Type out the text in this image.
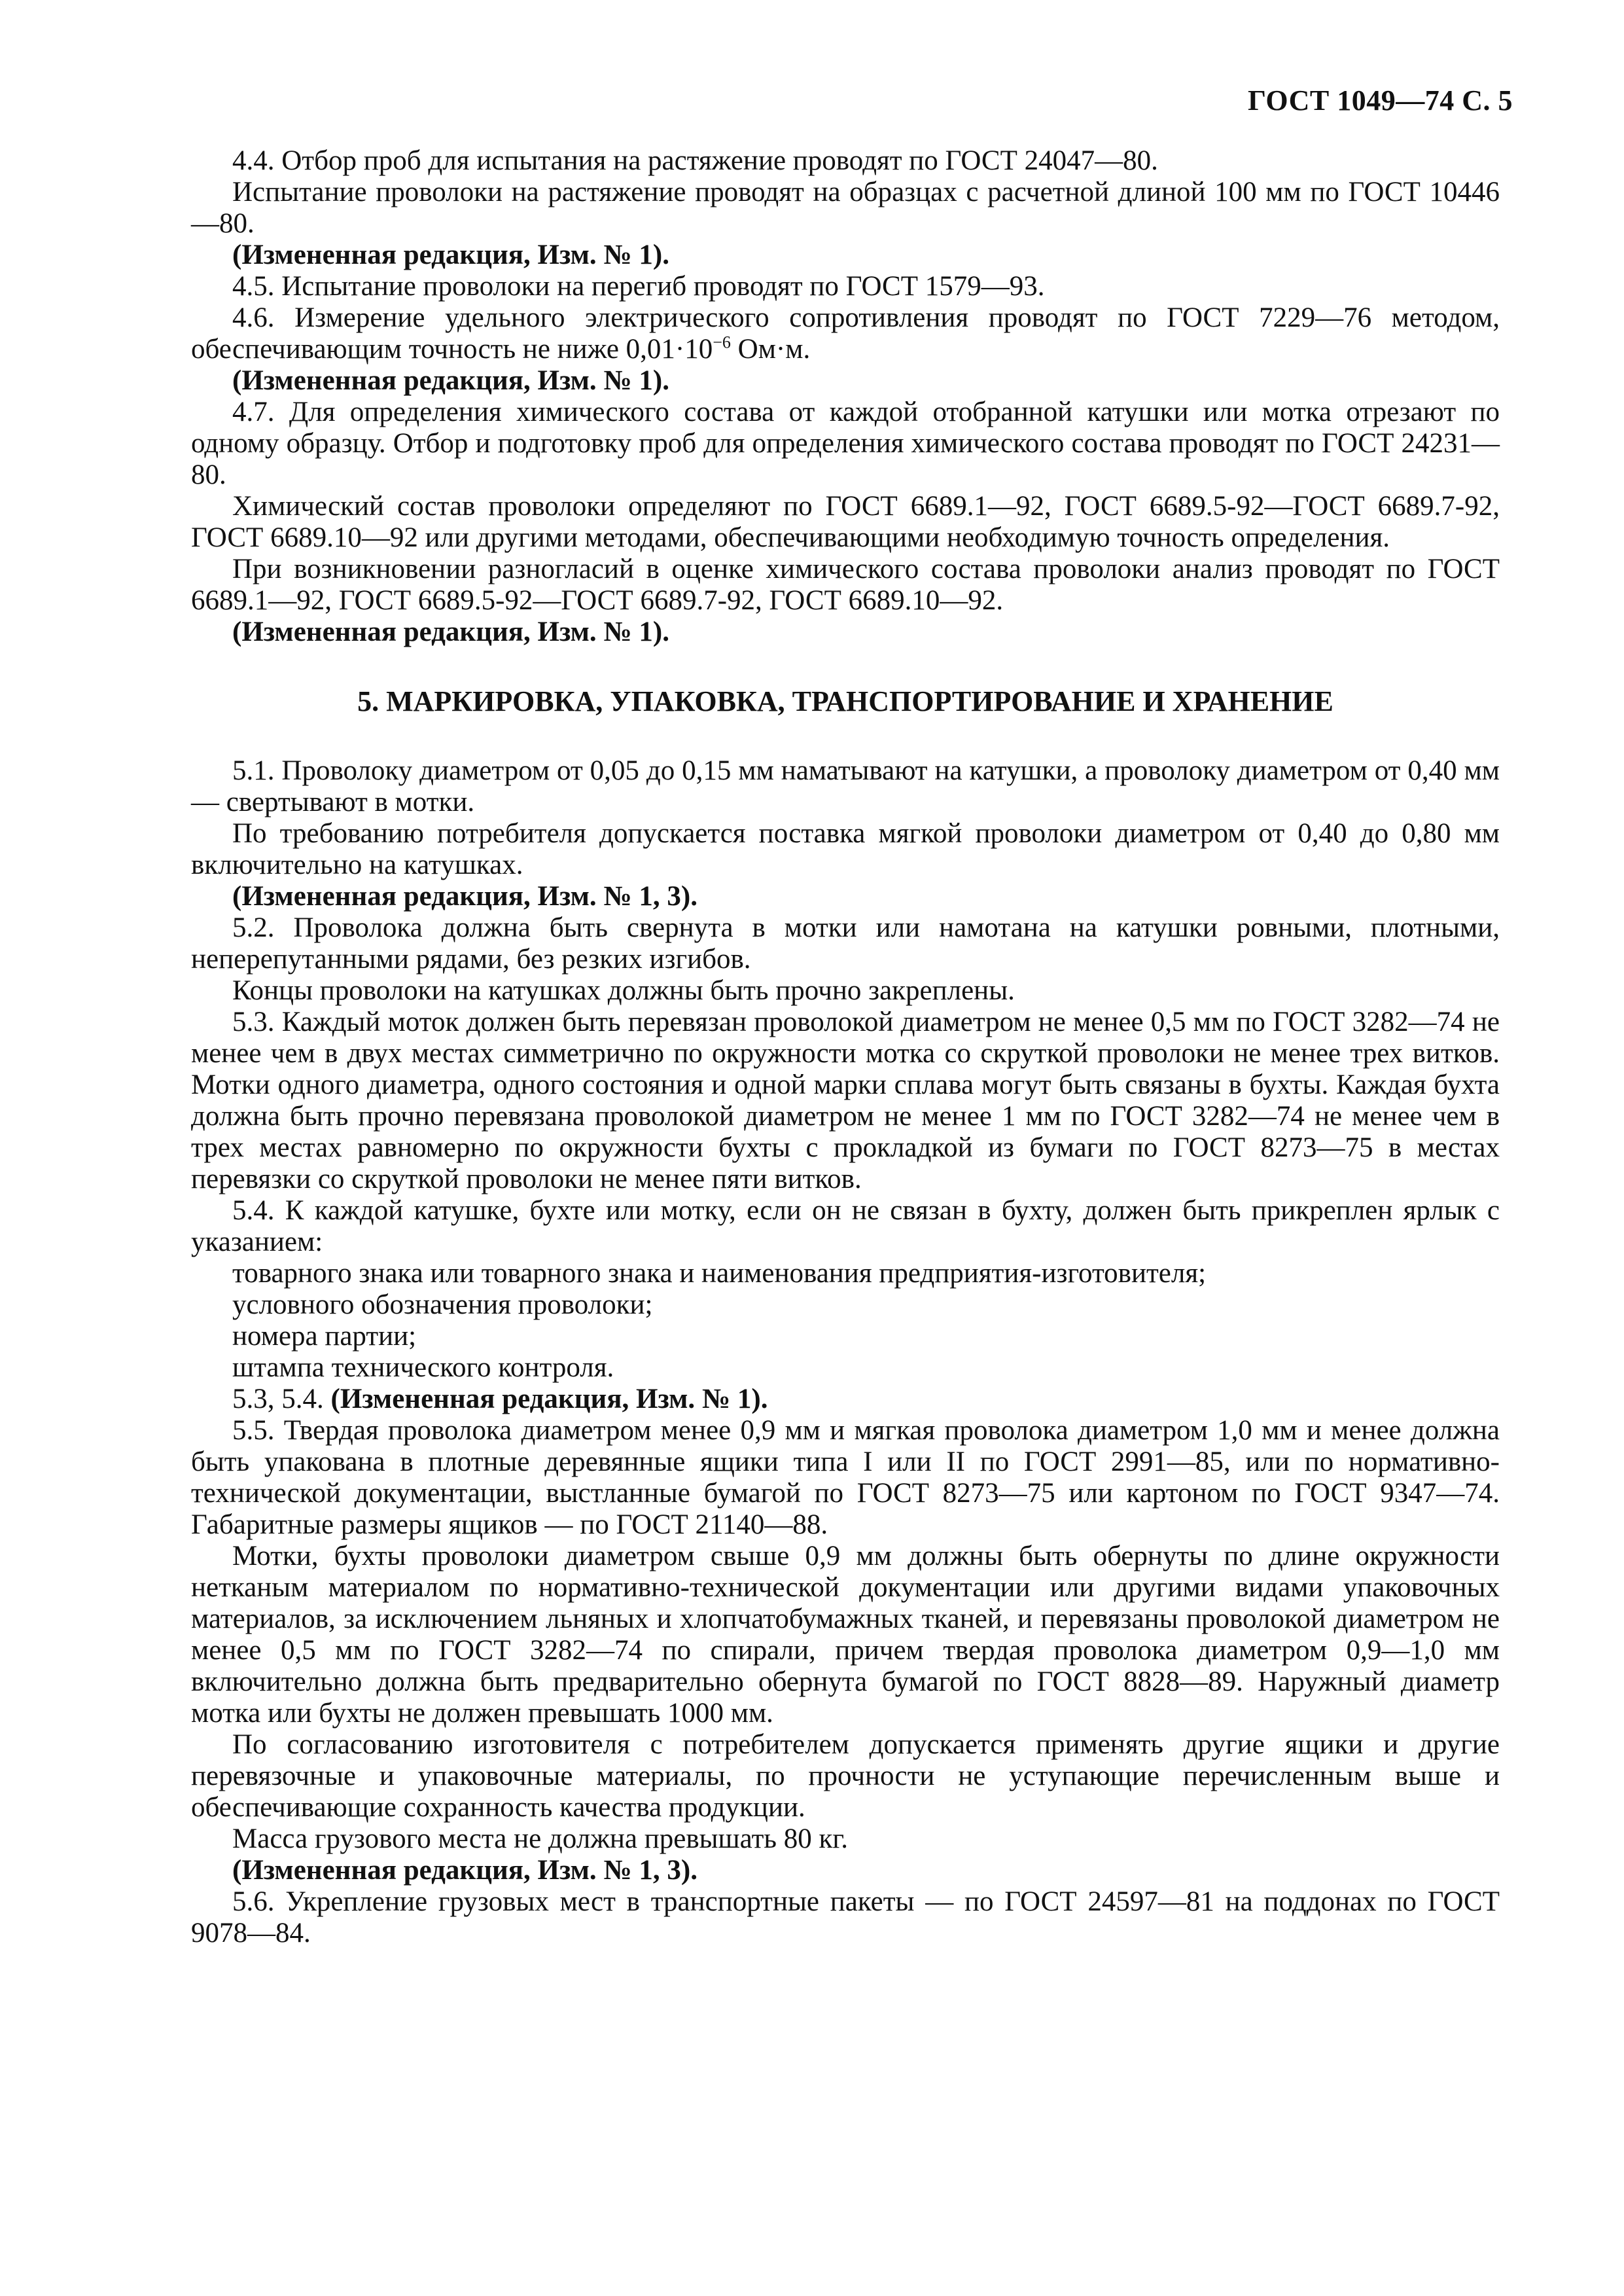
ГОСТ 1049—74 С. 5

4.4. Отбор проб для испытания на растяжение проводят по ГОСТ 24047—80.

Испытание проволоки на растяжение проводят на образцах с расчетной длиной 100 мм по ГОСТ 10446—80.

(Измененная редакция, Изм. № 1).

4.5. Испытание проволоки на перегиб проводят по ГОСТ 1579—93.

4.6. Измерение удельного электрического сопротивления проводят по ГОСТ 7229—76 методом, обеспечивающим точность не ниже $0,01\cdot 10^{-6}$ Ом·м.

(Измененная редакция, Изм. № 1).

4.7. Для определения химического состава от каждой отобранной катушки или мотка отрезают по одному образцу. Отбор и подготовку проб для определения химического состава проводят по ГОСТ 24231—80.

Химический состав проволоки определяют по ГОСТ 6689.1—92, ГОСТ 6689.5-92—ГОСТ 6689.7-92, ГОСТ 6689.10—92 или другими методами, обеспечивающими необходимую точность определения.

При возникновении разногласий в оценке химического состава проволоки анализ проводят по ГОСТ 6689.1—92, ГОСТ 6689.5-92—ГОСТ 6689.7-92, ГОСТ 6689.10—92.

(Измененная редакция, Изм. № 1).

5. МАРКИРОВКА, УПАКОВКА, ТРАНСПОРТИРОВАНИЕ И ХРАНЕНИЕ

5.1. Проволоку диаметром от 0,05 до 0,15 мм наматывают на катушки, а проволоку диаметром от 0,40 мм — свертывают в мотки.

По требованию потребителя допускается поставка мягкой проволоки диаметром от 0,40 до 0,80 мм включительно на катушках.

(Измененная редакция, Изм. № 1, 3).

5.2. Проволока должна быть свернута в мотки или намотана на катушки ровными, плотными, неперепутанными рядами, без резких изгибов.

Концы проволоки на катушках должны быть прочно закреплены.

5.3. Каждый моток должен быть перевязан проволокой диаметром не менее 0,5 мм по ГОСТ 3282—74 не менее чем в двух местах симметрично по окружности мотка со скруткой проволоки не менее трех витков. Мотки одного диаметра, одного состояния и одной марки сплава могут быть связаны в бухты. Каждая бухта должна быть прочно перевязана проволокой диаметром не менее 1 мм по ГОСТ 3282—74 не менее чем в трех местах равномерно по окружности бухты с прокладкой из бумаги по ГОСТ 8273—75 в местах перевязки со скруткой проволоки не менее пяти витков.

5.4. К каждой катушке, бухте или мотку, если он не связан в бухту, должен быть прикреплен ярлык с указанием:

товарного знака или товарного знака и наименования предприятия-изготовителя;

условного обозначения проволоки;

номера партии;

штампа технического контроля.

5.3, 5.4. (Измененная редакция, Изм. № 1).

5.5. Твердая проволока диаметром менее 0,9 мм и мягкая проволока диаметром 1,0 мм и менее должна быть упакована в плотные деревянные ящики типа I или II по ГОСТ 2991—85, или по нормативно-технической документации, выстланные бумагой по ГОСТ 8273—75 или картоном по ГОСТ 9347—74. Габаритные размеры ящиков — по ГОСТ 21140—88.

Мотки, бухты проволоки диаметром свыше 0,9 мм должны быть обернуты по длине окружности нетканым материалом по нормативно-технической документации или другими видами упаковочных материалов, за исключением льняных и хлопчатобумажных тканей, и перевязаны проволокой диаметром не менее 0,5 мм по ГОСТ 3282—74 по спирали, причем твердая проволока диаметром 0,9—1,0 мм включительно должна быть предварительно обернута бумагой по ГОСТ 8828—89. Наружный диаметр мотка или бухты не должен превышать 1000 мм.

По согласованию изготовителя с потребителем допускается применять другие ящики и другие перевязочные и упаковочные материалы, по прочности не уступающие перечисленным выше и обеспечивающие сохранность качества продукции.

Масса грузового места не должна превышать 80 кг.

(Измененная редакция, Изм. № 1, 3).

5.6. Укрепление грузовых мест в транспортные пакеты — по ГОСТ 24597—81 на поддонах по ГОСТ 9078—84.
